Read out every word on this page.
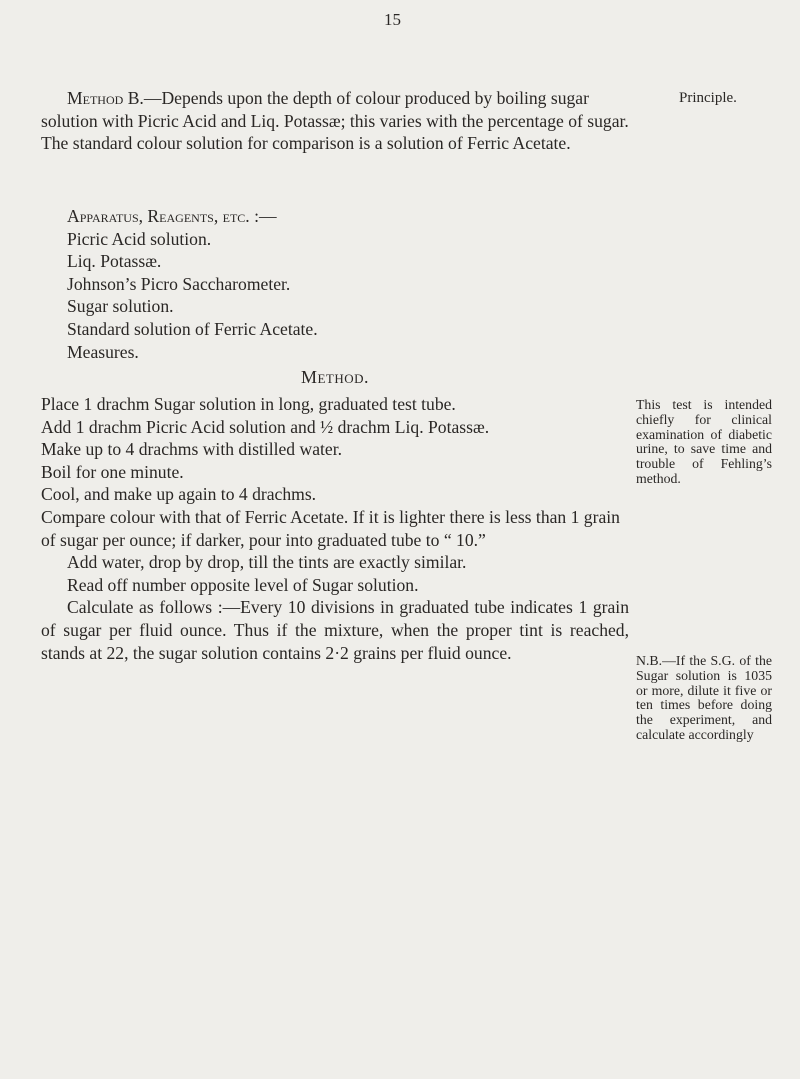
15
Principle.

Method B.—Depends upon the depth of colour produced by boiling sugar solution with Picric Acid and Liq. Potassæ; this varies with the percentage of sugar. The standard colour solution for comparison is a solution of Ferric Acetate.

Apparatus, Reagents, etc. :—

Picric Acid solution.

Liq. Potassæ.

Johnson’s Picro Saccharometer.

Sugar solution.

Standard solution of Ferric Acetate.

Measures.

Method.

Place 1 drachm Sugar solution in long, graduated test tube.

Add 1 drachm Picric Acid solution and ½ drachm Liq. Potassæ.

Make up to 4 drachms with distilled water.

Boil for one minute.

Cool, and make up again to 4 drachms.

Compare colour with that of Ferric Acetate. If it is lighter there is less than 1 grain of sugar per ounce; if darker, pour into graduated tube to “ 10.”

Add water, drop by drop, till the tints are exactly similar.

Read off number opposite level of Sugar solution.

Calculate as follows :—Every 10 divisions in graduated tube indicates 1 grain of sugar per fluid ounce. Thus if the mixture, when the proper tint is reached, stands at 22, the sugar solution contains 2·2 grains per fluid ounce.

This test is intended chiefly for clinical examination of diabetic urine, to save time and trouble of Fehling’s method.
N.B.—If the S.G. of the Sugar solution is 1035 or more, dilute it five or ten times before doing the experiment, and calculate accordingly
